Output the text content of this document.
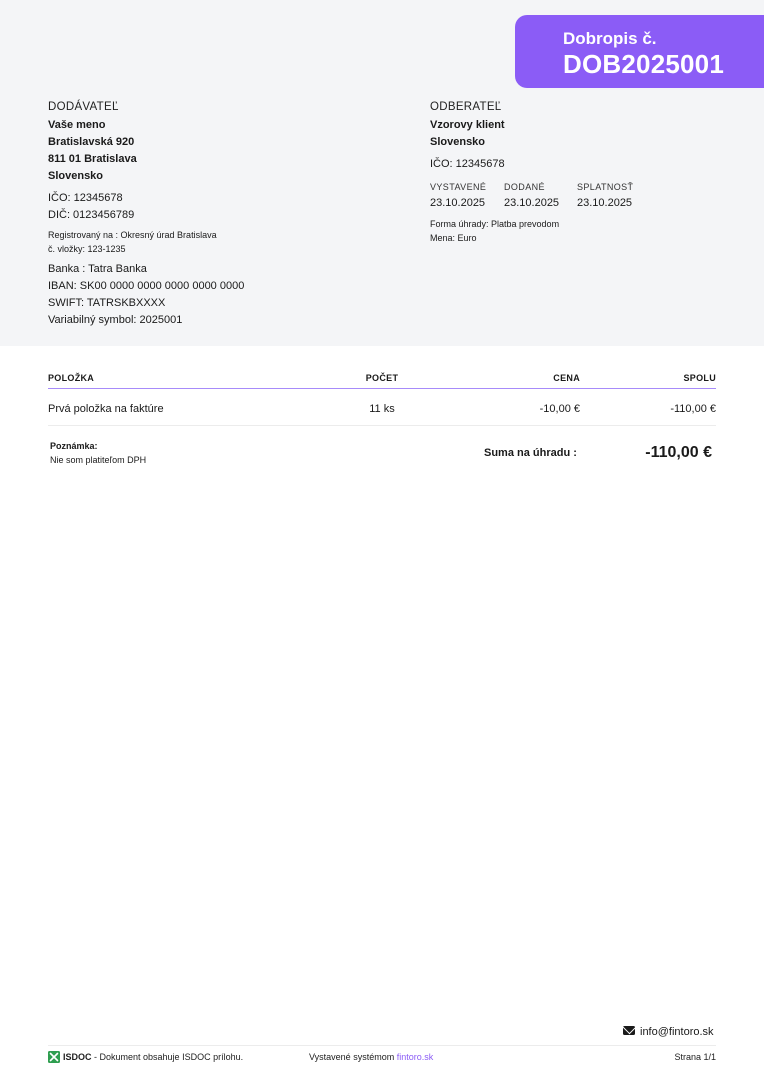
Dobropis č.
DOB2025001
DODÁVATEĽ
Vaše meno
Bratislavská 920
811 01 Bratislava
Slovensko
IČO: 12345678
DIČ: 0123456789
Registrovaný na : Okresný úrad Bratislava
č. vložky: 123-1235
Banka : Tatra Banka
IBAN: SK00 0000 0000 0000 0000 0000
SWIFT: TATRSKBXXXX
Variabilný symbol: 2025001
ODBERATEĽ
Vzorovy klient
Slovensko
IČO: 12345678
VYSTAVENÉ
23.10.2025
DODANÉ
23.10.2025
SPLATNOSŤ
23.10.2025
Forma úhrady: Platba prevodom
Mena: Euro
POLOŽKA	POČET	CENA	SPOLU
Prvá položka na faktúre	11 ks	-10,00 €	-110,00 €
Poznámka:
Nie som platiteľom DPH
Suma na úhradu :	-110,00 €
info@fintoro.sk
ISDOC - Dokument obsahuje ISDOC prílohu.	Vystavené systémom fintoro.sk	Strana 1/1
